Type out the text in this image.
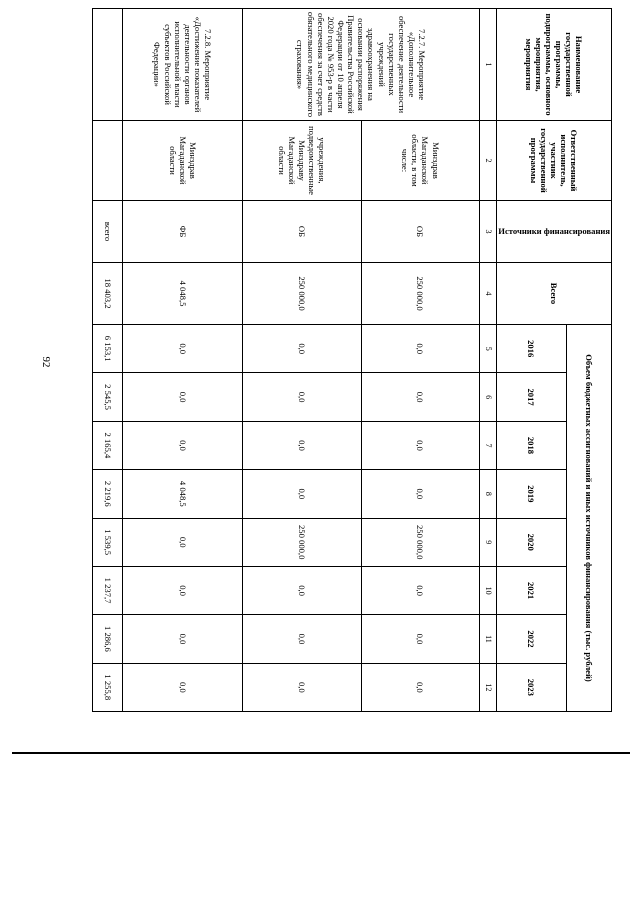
92
Наименование государственной программы, подпрограммы, основного мероприятия, мероприятия	Ответственный исполнитель, участник государственной программы	Источники финансирования	Всего	Объем бюджетных ассигнований и иных источников финансирования (тыс. рублей)							
				2016	2017	2018	2019	2020	2021	2022	2023
1	2	3	4	5	6	7	8	9	10	11	12
7.2.7. Мероприятие «Дополнительное обеспечение деятельности государственных учреждений здравоохранения на основании распоряжения Правительства Российской Федерации от 10 апреля 2020 года № 953-р в части обеспечения за счет средств обязательного медицинского страхования»	Минздрав Магаданской области, в том числе:	ОБ	250 000,0	0,0	0,0	0,0	0,0	250 000,0	0,0	0,0	0,0
	учреждения, подведомственные Минздраву Магаданской области	ОБ	250 000,0	0,0	0,0	0,0	0,0	250 000,0	0,0	0,0	0,0
7.2.8. Мероприятие «Достижение показателей деятельности органов исполнительной власти субъектов Российской Федерации»	Минздрав Магаданской области	ФБ	4 048,5	0,0	0,0	0,0	4 048,5	0,0	0,0	0,0	0,0
		всего	18 403,2	6 153,1	2 545,5	2 165,4	2 219,6	1 539,5	1 237,7	1 286,6	1 255,8
